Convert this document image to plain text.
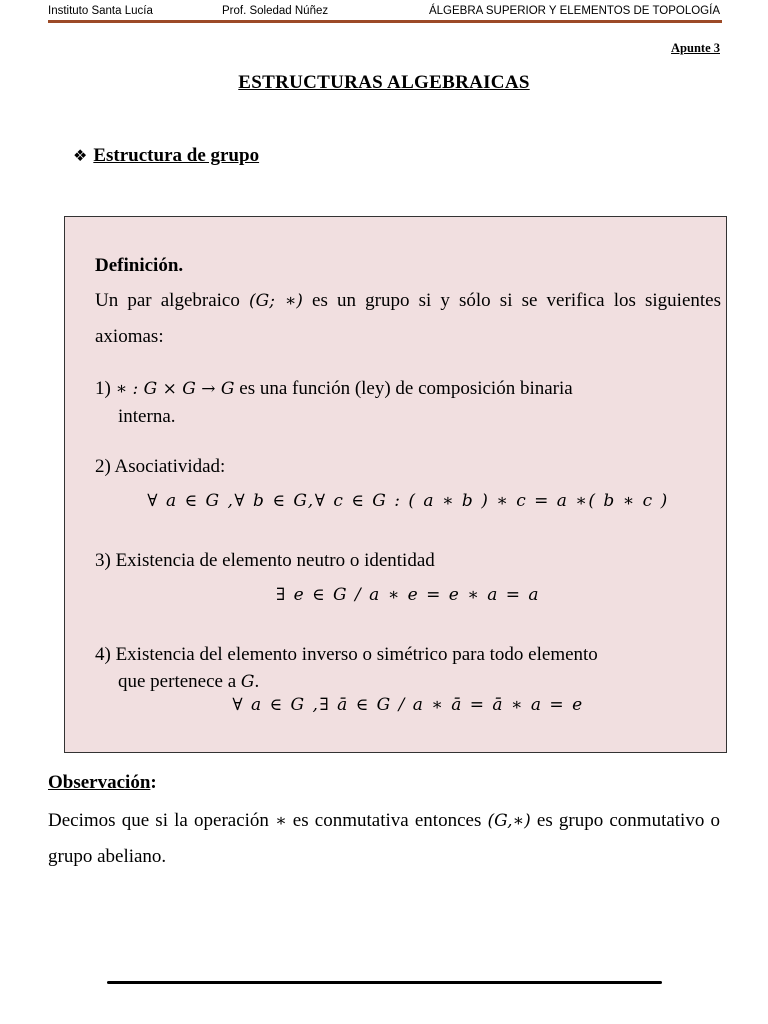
Instituto Santa Lucía	Prof. Soledad Núñez	ÁLGEBRA SUPERIOR Y ELEMENTOS DE TOPOLOGÍA
Apunte 3
ESTRUCTURAS ALGEBRAICAS
❖ Estructura de grupo
Definición.
Un par algebraico (G; ∗) es un grupo si y sólo si se verifica los siguientes axiomas:
1) ∗ : G × G → G es una función (ley) de composición binaria
interna.
2) Asociatividad:
∀ a ∈ G ,∀ b ∈ G,∀ c ∈ G : ( a ∗ b ) ∗ c = a ∗( b ∗ c )
3) Existencia de elemento neutro o identidad
∃ e ∈ G / a ∗ e = e ∗ a = a
4) Existencia del elemento inverso o simétrico para todo elemento
que pertenece a G.
∀ a ∈ G ,∃ ā ∈ G / a ∗ ā = ā ∗ a = e
Observación:
Decimos que si la operación ∗ es conmutativa entonces (G,∗) es grupo conmutativo o grupo abeliano.
